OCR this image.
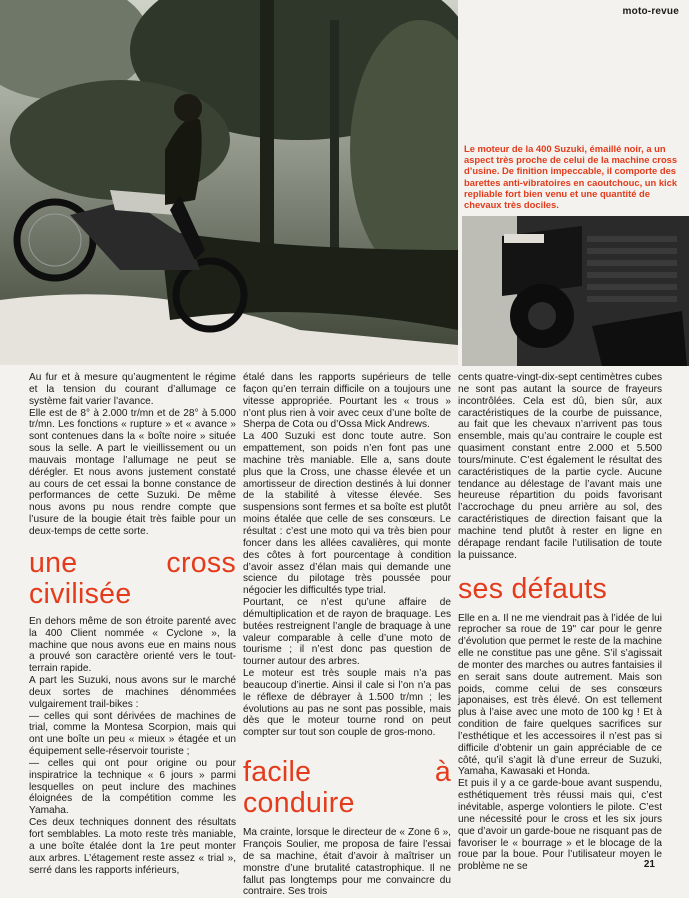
moto-revue

Le moteur de la 400 Suzuki, émaillé noir, a un aspect très proche de celui de la machine cross d’usine. De finition impeccable, il comporte des barettes anti-vibratoires en caoutchouc, un kick repliable fort bien venu et une quantité de chevaux très dociles.

Au fur et à mesure qu’augmentent le régime et la tension du courant d’allumage ce système fait varier l’avance.

Elle est de 8° à 2.000 tr/mn et de 28° à 5.000 tr/mn. Les fonctions « rupture » et « avance » sont contenues dans la « boîte noire » située sous la selle. A part le vieillissement ou un mauvais montage l’allumage ne peut se dérégler. Et nous avons justement constaté au cours de cet essai la bonne constance de performances de cette Suzuki. De même nous avons pu nous rendre compte que l’usure de la bougie était très faible pour un deux-temps de cette sorte.

une cross civilisée

En dehors même de son étroite parenté avec la 400 Client nommée « Cyclone », la machine que nous avons eue en mains nous a prouvé son caractère orienté vers le tout-terrain rapide.

A part les Suzuki, nous avons sur le marché deux sortes de machines dénommées vulgairement trail-bikes :

— celles qui sont dérivées de machines de trial, comme la Montesa Scorpion, mais qui ont une boîte un peu « mieux » étagée et un équipement selle-réservoir touriste ;

— celles qui ont pour origine ou pour inspiratrice la technique « 6 jours » parmi lesquelles on peut inclure des machines éloignées de la compétition comme les Yamaha.

Ces deux techniques donnent des résultats fort semblables. La moto reste très maniable, a une boîte étalée dont la 1re peut monter aux arbres. L’étagement reste assez « trial », serré dans les rapports inférieurs,

étalé dans les rapports supérieurs de telle façon qu’en terrain difficile on a toujours une vitesse appropriée. Pourtant les « trous » n’ont plus rien à voir avec ceux d’une boîte de Sherpa de Cota ou d’Ossa Mick Andrews.

La 400 Suzuki est donc toute autre. Son empattement, son poids n’en font pas une machine très maniable. Elle a, sans doute plus que la Cross, une chasse élevée et un amortisseur de direction destinés à lui donner de la stabilité à vitesse élevée. Ses suspensions sont fermes et sa boîte est plutôt moins étalée que celle de ses consœurs. Le résultat : c’est une moto qui va très bien pour foncer dans les allées cavalières, qui monte des côtes à fort pourcentage à condition d’avoir assez d’élan mais qui demande une science du pilotage très poussée pour négocier les difficultés type trial.

Pourtant, ce n’est qu’une affaire de démultiplication et de rayon de braquage. Les butées restreignent l’angle de braquage à une valeur comparable à celle d’une moto de tourisme ; il n’est donc pas question de tourner autour des arbres.

Le moteur est très souple mais n’a pas beaucoup d’inertie. Ainsi il cale si l’on n’a pas le réflexe de débrayer à 1.500 tr/mn ; les évolutions au pas ne sont pas possible, mais dès que le moteur tourne rond on peut compter sur tout son couple de gros-mono.

facile à conduire

Ma crainte, lorsque le directeur de « Zone 6 », François Soulier, me proposa de faire l’essai de sa machine, était d’avoir à maîtriser un monstre d’une brutalité catastrophique. Il ne fallut pas longtemps pour me convaincre du contraire. Ses trois

cents quatre-vingt-dix-sept centimètres cubes ne sont pas autant la source de frayeurs incontrôlées. Cela est dû, bien sûr, aux caractéristiques de la courbe de puissance, au fait que les chevaux n’arrivent pas tous ensemble, mais qu’au contraire le couple est quasiment constant entre 2.000 et 5.500 tours/minute. C’est également le résultat des caractéristiques de la partie cycle. Aucune tendance au délestage de l’avant mais une heureuse répartition du poids favorisant l’accrochage du pneu arrière au sol, des caractéristiques de direction faisant que la machine tend plutôt à rester en ligne en dérapage rendant facile l’utilisation de toute la puissance.

ses défauts

Elle en a. Il ne me viendrait pas à l’idée de lui reprocher sa roue de 19" car pour le genre d’évolution que permet le reste de la machine elle ne constitue pas une gêne. S’il s’agissait de monter des marches ou autres fantaisies il en serait sans doute autrement. Mais son poids, comme celui de ses consœurs japonaises, est très élevé. On est tellement plus à l’aise avec une moto de 100 kg ! Et à condition de faire quelques sacrifices sur l’esthétique et les accessoires il n’est pas si difficile d’obtenir un gain appréciable de ce côté, qu’il s’agit là d’une erreur de Suzuki, Yamaha, Kawasaki et Honda.

Et puis il y a ce garde-boue avant suspendu, esthétiquement très réussi mais qui, c’est inévitable, asperge volontiers le pilote. C’est une nécessité pour le cross et les six jours que d’avoir un garde-boue ne risquant pas de favoriser le « bourrage » et le blocage de la roue par la boue. Pour l’utilisateur moyen le problème ne se	21
